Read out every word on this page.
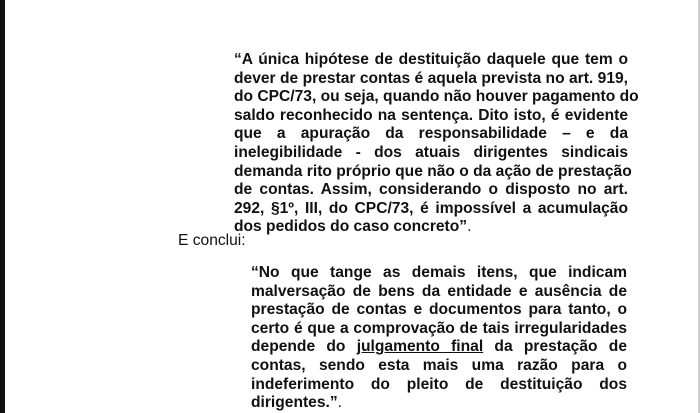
“A única hipótese de destituição daquele que tem o
dever de prestar contas é aquela prevista no art. 919,
do CPC/73, ou seja, quando não houver pagamento do
saldo reconhecido na sentença. Dito isto, é evidente
que a apuração da responsabilidade – e da
inelegibilidade - dos atuais dirigentes sindicais
demanda rito próprio que não o da ação de prestação
de contas. Assim, considerando o disposto no art.
292, §1º, III, do CPC/73, é impossível a acumulação
dos pedidos do caso concreto”.
E conclui:
“No que tange as demais itens, que indicam
malversação de bens da entidade e ausência de
prestação de contas e documentos para tanto, o
certo é que a comprovação de tais irregularidades
depende do julgamento final da prestação de
contas, sendo esta mais uma razão para o
indeferimento do pleito de destituição dos
dirigentes.”.
